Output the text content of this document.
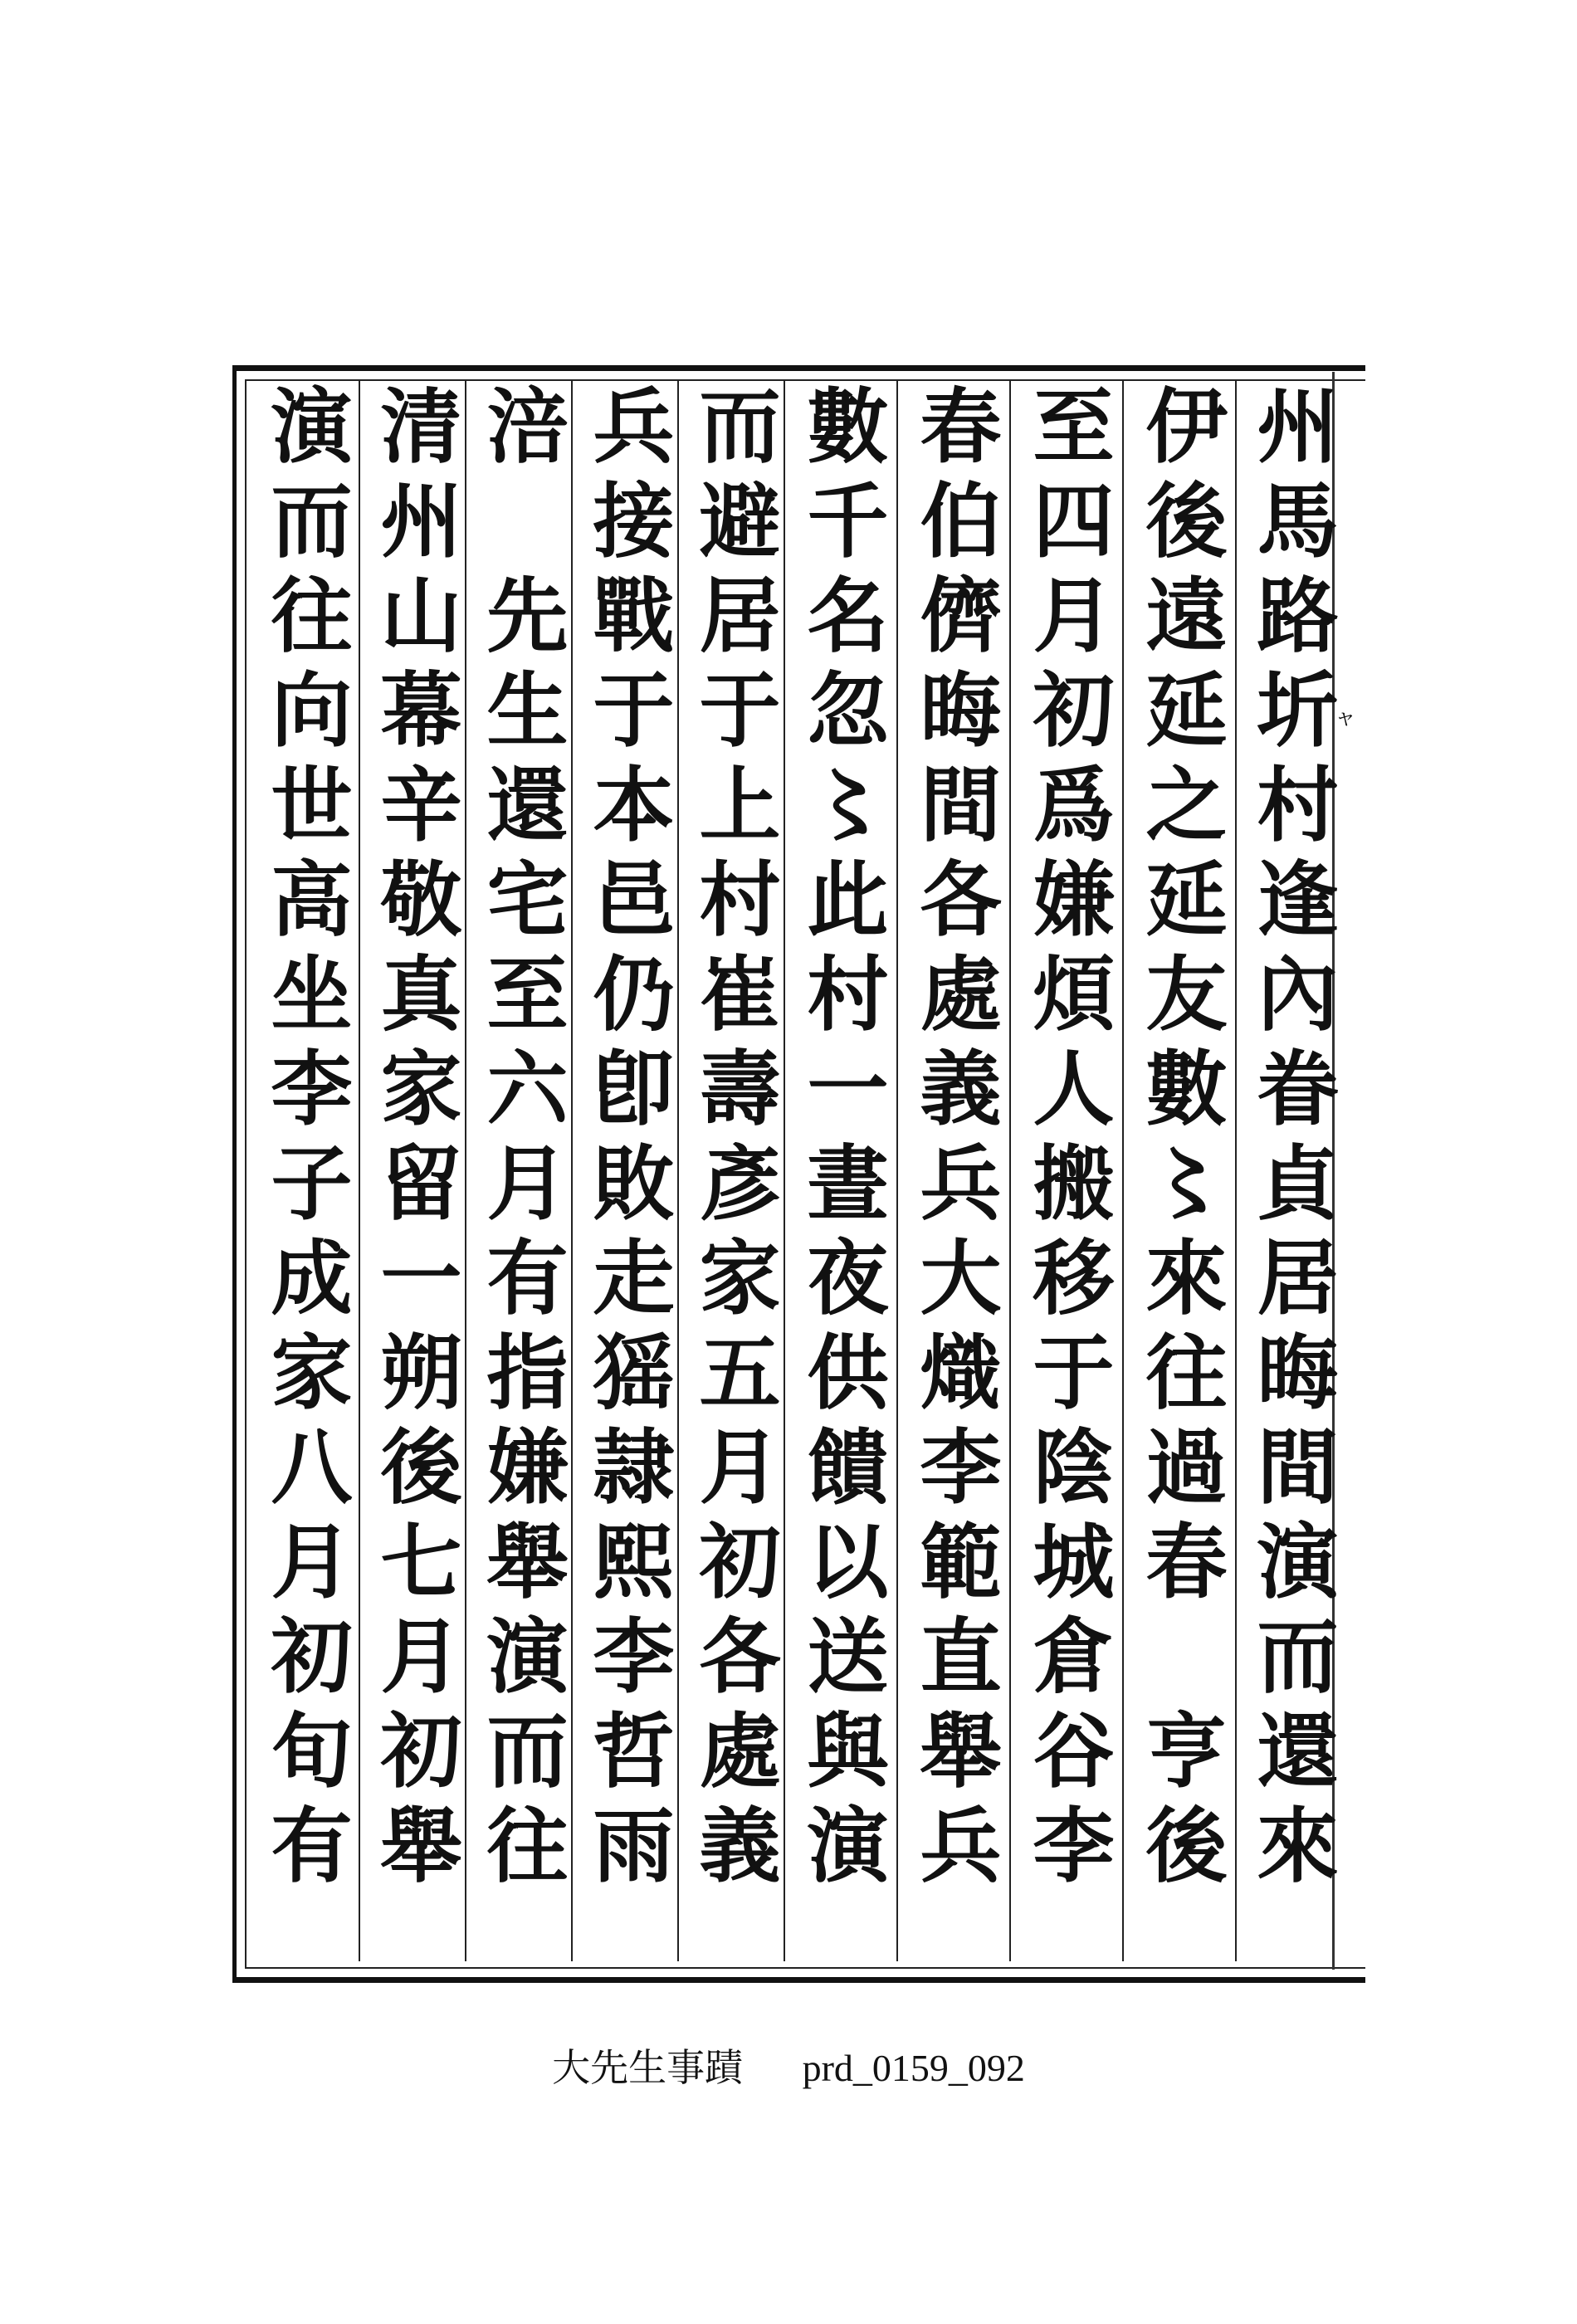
ャ
州馬路圻村逢內眷貞居晦間演而還來
伊後遠延之延友數〻來往過春　亨後
至四月初爲嫌煩人搬移于陰城倉谷李
春伯儕晦間各處義兵大熾李範直舉兵
數千名忽〻此村一晝夜供饋以送與演
而避居于上村崔壽彥家五月初各處義
兵接戰于本邑仍卽敗走猺隷熙李哲雨
涪　先生還宅至六月有指嫌舉演而往
清州山幕辛敬真家留一朔後七月初舉
演而往向世高坐李子成家八月初旬有
大先生事蹟 prd_0159_092
